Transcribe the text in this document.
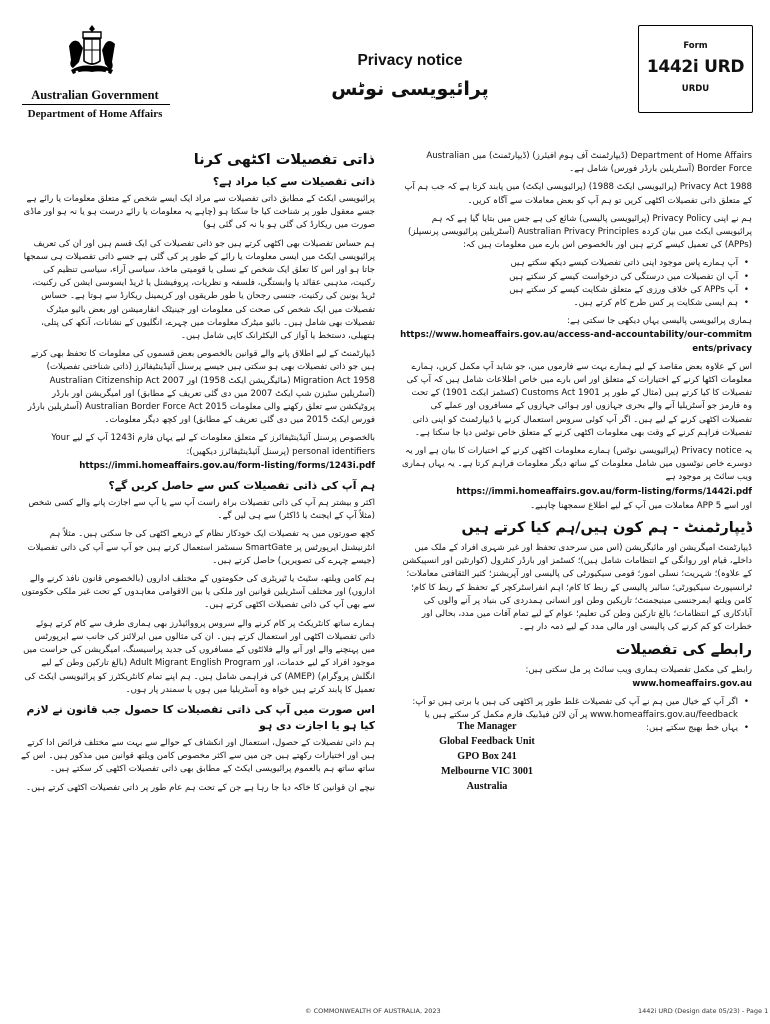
Australian Government
Department of Home Affairs
Privacy notice
پرائیویسی نوٹس
Form
1442i URD
URDU

Department of Home Affairs (ڈیپارٹمنٹ آف ہوم افیئرز) (ڈیپارٹمنٹ) میں Australian Border Force (آسٹریلین بارڈر فورس) شامل ہے۔

Privacy Act 1988 (پرائیویسی ایکٹ 1988) (پرائیویسی ایکٹ) میں پابند کرتا ہے کہ جب ہم آپ کے متعلق ذاتی تفصیلات اکٹھی کریں تو ہم آپ کو بعض معاملات سے آگاہ کریں۔

ہم نے اپنی Privacy Policy (پرائیویسی پالیسی) شائع کی ہے جس میں بتایا گیا ہے کہ ہم پرائیویسی ایکٹ میں بیان کردہ Australian Privacy Principles (آسٹریلین پرائیویسی پرنسپلز) (APPs) کی تعمیل کیسے کرتے ہیں اور بالخصوص اس بارے میں معلومات ہیں کہ:

• آپ ہمارے پاس موجود اپنی ذاتی تفصیلات کیسے دیکھ سکتے ہیں
• آپ ان تفصیلات میں درستگی کی درخواست کیسے کر سکتے ہیں
• آپ APPs کی خلاف ورزی کے متعلق شکایت کیسے کر سکتے ہیں
• ہم ایسی شکایت پر کس طرح کام کرتے ہیں۔

ہماری پرائیویسی پالیسی یہاں دیکھی جا سکتی ہے:

https://www.homeaffairs.gov.au/access-and-accountability/our-commitments/privacy

اس کے علاوہ بعض مقاصد کے لیے ہمارے بہت سے فارموں میں، جو شاید آپ مکمل کریں، ہمارے معلومات اکٹھا کرنے کے اختیارات کے متعلق اور اس بارے میں خاص اطلاعات شامل ہیں کہ آپ کی تفصیلات کا کیا کرتے ہیں (مثال کے طور پر Customs Act 1901 (کسٹمز ایکٹ 1901) کے تحت وہ فارمز جو آسٹریلیا آنے والے بحری جہازوں اور ہوائی جہازوں کے مسافروں اور عملے کی تفصیلات اکٹھی کرنے کے لیے ہیں۔ اگر آپ کوئی سروس استعمال کرنے یا ڈیپارٹمنٹ کو اپنی ذاتی تفصیلات فراہم کرنے کے وقت بھی معلومات اکٹھی کرنے کے متعلق خاص نوٹس دیا جا سکتا ہے۔

یہ Privacy notice (پرائیویسی نوٹس) ہمارے معلومات اکٹھی کرنے کے اختیارات کا بیان ہے اور یہ دوسرے خاص نوٹسوں میں شامل معلومات کے ساتھ دیگر معلومات فراہم کرتا ہے۔ یہ یہاں ہماری ویب سائٹ پر موجود ہے

https://immi.homeaffairs.gov.au/form-listing/forms/1442i.pdf

اور اسے APP 5 معاملات میں آپ کے لیے اطلاع سمجھنا چاہیے۔

ڈیپارٹمنٹ - ہم کون ہیں/ہم کیا کرتے ہیں

ڈیپارٹمنٹ امیگریشن اور مائیگریشن (اس میں سرحدی تحفظ اور غیر شہری افراد کے ملک میں داخلے، قیام اور روانگی کے انتظامات شامل ہیں)؛ کسٹمز اور بارڈر کنٹرول (کوارنٹین اور انسپیکشن کے علاوہ)؛ شہریت؛ نسلی امور؛ قومی سیکیورٹی کی پالیسی اور آپریشنز؛ کثیر الثقافتی معاملات؛ ٹرانسپورٹ سیکیورٹی؛ سائبر پالیسی کے ربط کا کام؛ اہم انفراسٹرکچر کے تحفظ کے ربط کا کام؛ کامن ویلتھ ایمرجنسی مینیجمنٹ؛ تاریکین وطن اور انسانی ہمدردی کی بنیاد پر آنے والوں کی آبادکاری کے انتظامات؛ بالغ تارکین وطن کی تعلیم؛ عوام کے لیے تمام آفات میں مدد، بحالی اور خطرات کو کم کرنے کی پالیسی اور مالی مدد کے لیے ذمہ دار ہے۔

رابطے کی تفصیلات

رابطے کی مکمل تفصیلات ہماری ویب سائٹ پر مل سکتی ہیں:

www.homeaffairs.gov.au

• اگر آپ کے خیال میں ہم نے آپ کی تفصیلات غلط طور پر اکٹھی کی ہیں یا برتی ہیں تو آپ: www.homeaffairs.gov.au/feedback پر آن لائن فیڈبیک فارم مکمل کر سکتے ہیں یا
• یہاں خط بھیج سکتے ہیں:
The Manager
Global Feedback Unit
GPO Box 241
Melbourne VIC 3001
Australia
ذاتی تفصیلات اکٹھی کرنا
ذاتی تفصیلات سے کیا مراد ہے؟

پرائیویسی ایکٹ کے مطابق ذاتی تفصیلات سے مراد ایک ایسے شخص کے متعلق معلومات یا رائے ہے جسے معقول طور پر شناخت کیا جا سکتا ہو (چاہے یہ معلومات یا رائے درست ہو یا نہ ہو اور ماڈی صورت میں ریکارڈ کی گئی ہو یا نہ کی گئی ہو)

ہم حساس تفصیلات بھی اکٹھی کرتے ہیں جو ذاتی تفصیلات کی ایک قسم ہیں اور ان کی تعریف پرائیویسی ایکٹ میں ایسی معلومات یا رائے کے طور پر کی گئی ہے جسے ذاتی تفصیلات ہی سمجھا جاتا ہو اور اس کا تعلق ایک شخص کے نسلی یا قومیتی ماخذ، سیاسی آراء، سیاسی تنظیم کی رکنیت، مذہبی عقائد یا وابستگی، فلسفہ و نظریات، پروفیشنل یا ٹریڈ ایسوسی ایشن کی رکنیت، ٹریڈ یونین کی رکنیت، جنسی رجحان یا طور طریقوں اور کریمینل ریکارڈ سے ہوتا ہے۔ حساس تفصیلات میں ایک شخص کی صحت کی معلومات اور جینیٹک انفارمیشن اور بعض بائیو میٹرک تفصیلات بھی شامل ہیں۔ بائیو میٹرک معلومات میں چہرے، انگلیوں کے نشانات، آنکھ کی پتلی، ہتھیلی، دستخط یا آواز کی الیکٹرانک کاپی شامل ہیں۔

ڈیپارٹمنٹ کے لیے اطلاق پانے والے قوانین بالخصوص بعض قسموں کی معلومات کا تحفظ بھی کرتے ہیں جو ذاتی تفصیلات بھی ہو سکتی ہیں جیسے پرسنل آئیڈینٹیفائرز (ذاتی شناختی تفصیلات) Migration Act 1958 (مائیگریشن ایکٹ 1958) اور Australian Citizenship Act 2007 (آسٹریلین سٹیزن شپ ایکٹ 2007 میں دی گئی تعریف کے مطابق) اور امیگریشن اور بارڈر پروٹیکشن سے تعلق رکھنے والی معلومات Australian Border Force Act 2015 (آسٹریلین بارڈر فورس ایکٹ 2015 میں دی گئی تعریف کے مطابق) اور کچھ دیگر معلومات۔

بالخصوص پرسنل آئیڈینٹیفائرز کے متعلق معلومات کے لیے یہاں فارم 1243i آپ کے لیے Your personal identifiers (پرسنل آئیڈینٹیفائرز دیکھیں):

https://immi.homeaffairs.gov.au/form-listing/forms/1243i.pdf

ہم آپ کی ذاتی تفصیلات کس سے حاصل کریں گے؟

اکثر و بیشتر ہم آپ کی ذاتی تفصیلات براہ راست آپ سے یا آپ سے اجازت پانے والے کسی شخص (مثلاً آپ کے ایجنٹ یا ڈاکٹر) سے ہی لیں گے۔

کچھ صورتوں میں یہ تفصیلات ایک خودکار نظام کے ذریعے اکٹھی کی جا سکتی ہیں۔ مثلاً ہم انٹرنیشنل ایرپورٹس پر SmartGate سسٹمز استعمال کرتے ہیں جو آپ سے آپ کی ذاتی تفصیلات (جیسے چہرے کی تصویریں) حاصل کرتے ہیں۔

ہم کامن ویلتھ، سٹیٹ یا ٹیریٹری کی حکومتوں کے مختلف اداروں (بالخصوص قانون نافذ کرنے والے اداروں) اور مختلف آسٹریلین قوانین اور ملکی یا بین الاقوامی معاہدوں کے تحت غیر ملکی حکومتوں سے بھی آپ کی ذاتی تفصیلات اکٹھی کرتے ہیں۔

ہمارے ساتھ کانٹریکٹ پر کام کرنے والے سروس پرووائیڈرز بھی ہماری طرف سے کام کرتے ہوئے ذاتی تفصیلات اکٹھی اور استعمال کرتے ہیں۔ ان کی مثالوں میں ایرلائنز کی جانب سے ایرپورٹس میں پہنچنے والے اور آنے والے فلائٹوں کے مسافروں کی جدید پراسیسنگ، امیگریشن کی حراست میں موجود افراد کے لیے خدمات، اور Adult Migrant English Program (بالغ تارکین وطن کے لیے انگلش پروگرام) (AMEP) کی فراہمی شامل ہیں۔ ہم اپنے تمام کانٹریکٹرز کو پرائیویسی ایکٹ کی تعمیل کا پابند کرتے ہیں خواہ وہ آسٹریلیا میں ہوں یا سمندر پار ہوں۔

اس صورت میں آپ کی ذاتی تفصیلات کا حصول جب قانون نے لازم کیا ہو یا اجازت دی ہو

ہم ذاتی تفصیلات کے حصول، استعمال اور انکشاف کے حوالے سے بہت سے مختلف فرائض ادا کرتے ہیں اور اختیارات رکھتے ہیں جن میں سے اکثر مخصوص کامن ویلتھ قوانین میں مذکور ہیں۔ اس کے ساتھ ساتھ ہم بالعموم پرائیویسی ایکٹ کے مطابق بھی ذاتی تفصیلات اکٹھی کر سکتے ہیں۔

نیچے ان قوانین کا خاکہ دیا جا رہا ہے جن کے تحت ہم عام طور پر ذاتی تفصیلات اکٹھی کرتے ہیں۔

© COMMONWEALTH OF AUSTRALIA, 2023	1442i URD (Design date 05/23) - Page 1
